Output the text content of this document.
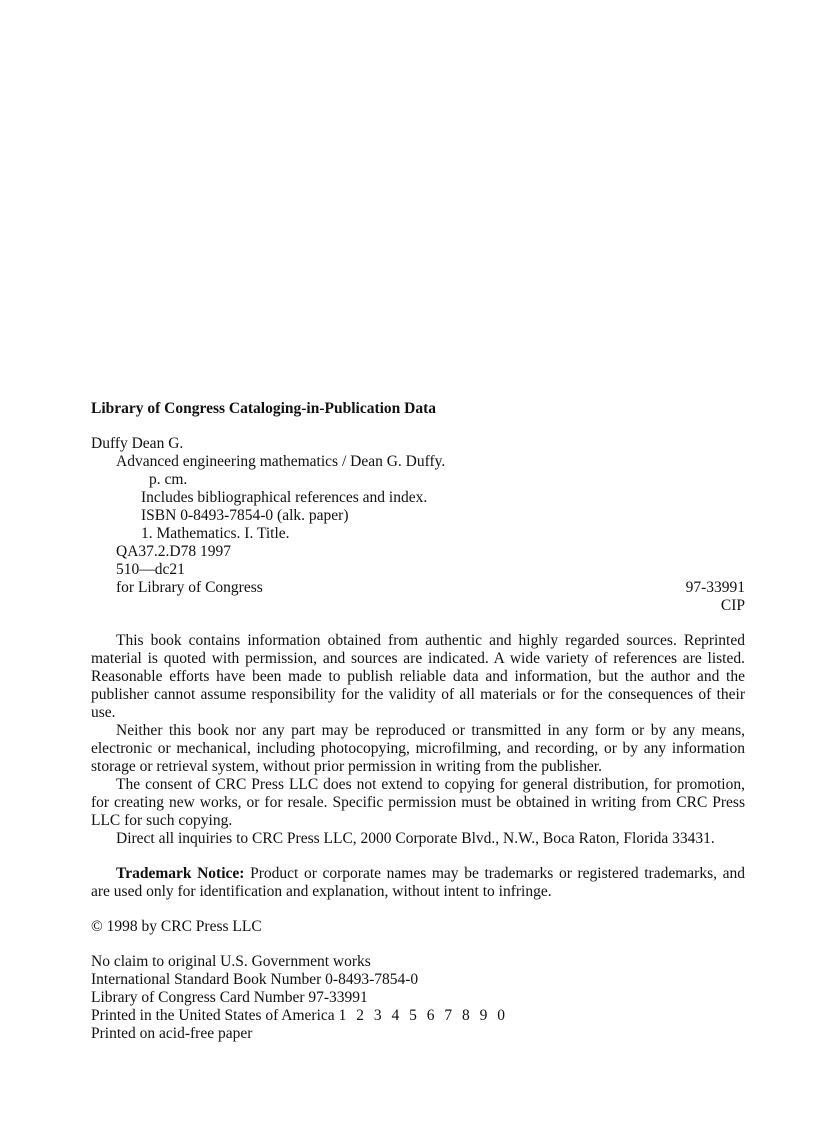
Library of Congress Cataloging-in-Publication Data

Duffy Dean G.
Advanced engineering mathematics / Dean G. Duffy.
p. cm.
Includes bibliographical references and index.
ISBN 0-8493-7854-0 (alk. paper)
1. Mathematics. I. Title.
QA37.2.D78 1997
510—dc21
for Library of Congress	97-33991
CIP

This book contains information obtained from authentic and highly regarded sources. Reprinted material is quoted with permission, and sources are indicated. A wide variety of references are listed. Reasonable efforts have been made to publish reliable data and information, but the author and the publisher cannot assume responsibility for the validity of all materials or for the consequences of their use.

Neither this book nor any part may be reproduced or transmitted in any form or by any means, electronic or mechanical, including photocopying, microfilming, and recording, or by any information storage or retrieval system, without prior permission in writing from the publisher.

The consent of CRC Press LLC does not extend to copying for general distribution, for promotion, for creating new works, or for resale. Specific permission must be obtained in writing from CRC Press LLC for such copying.

Direct all inquiries to CRC Press LLC, 2000 Corporate Blvd., N.W., Boca Raton, Florida 33431.

Trademark Notice: Product or corporate names may be trademarks or registered trademarks, and are used only for identification and explanation, without intent to infringe.

© 1998 by CRC Press LLC
No claim to original U.S. Government works
International Standard Book Number 0-8493-7854-0
Library of Congress Card Number 97-33991
Printed in the United States of America 1 2 3 4 5 6 7 8 9 0
Printed on acid-free paper
